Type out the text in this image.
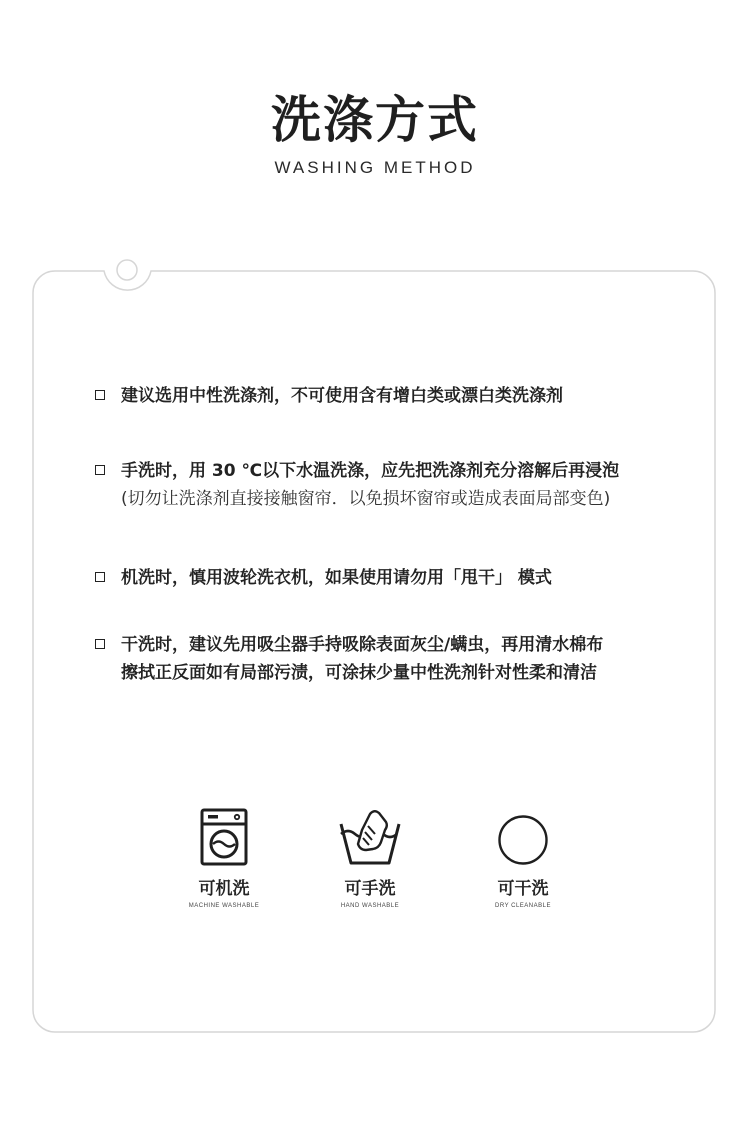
洗涤方式
WASHING METHOD
建议选用中性洗涤剂，不可使用含有增白类或漂白类洗涤剂
手洗时，用 30 ℃以下水温洗涤，应先把洗涤剂充分溶解后再浸泡
(切勿让洗涤剂直接接触窗帘．以免损坏窗帘或造成表面局部变色)
机洗时，慎用波轮洗衣机，如果使用请勿用「甩干」 模式
干洗时，建议先用吸尘器手持吸除表面灰尘/螨虫，再用清水棉布
擦拭正反面如有局部污渍，可涂抹少量中性洗剂针对性柔和清洁
可机洗
MACHINE WASHABLE
可手洗
HAND WASHABLE
可干洗
DRY CLEANABLE
